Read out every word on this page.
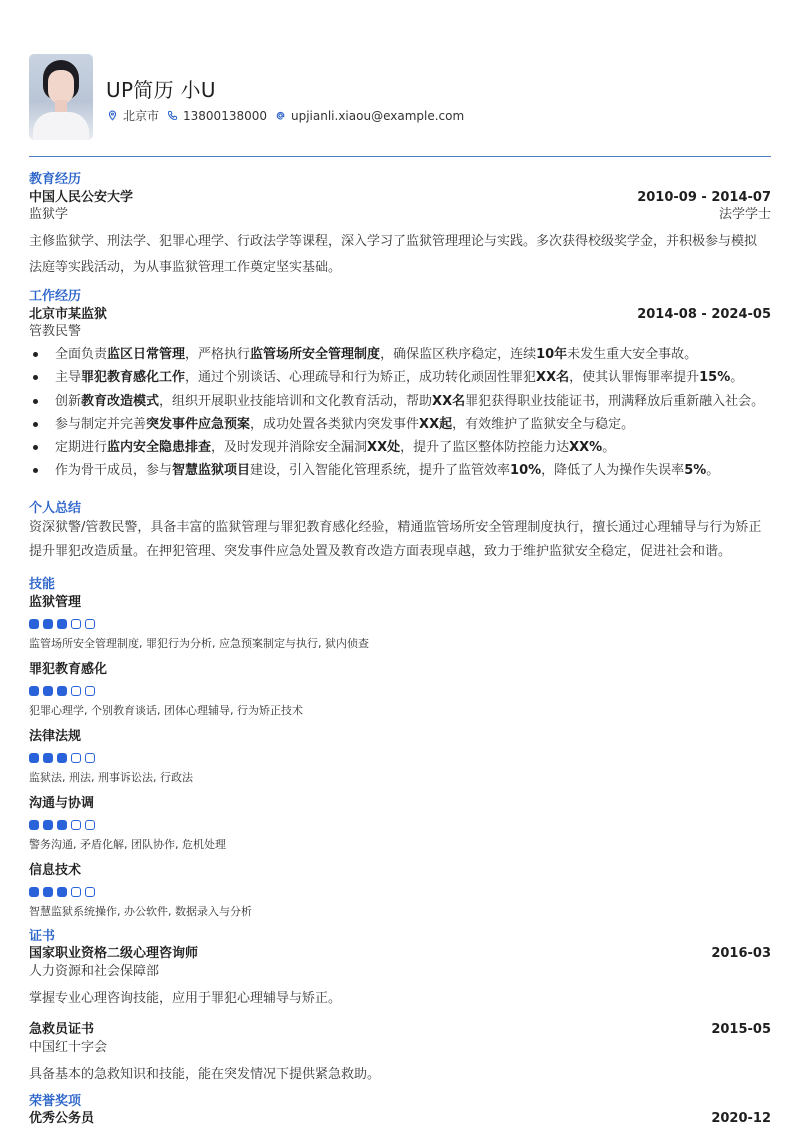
UP简历 小U
北京市 13800138000 upjianli.xiaou@example.com
教育经历
中国人民公安大学	2010-09 - 2014-07
监狱学	法学学士
主修监狱学、刑法学、犯罪心理学、行政法学等课程，深入学习了监狱管理理论与实践。多次获得校级奖学金，并积极参与模拟
法庭等实践活动，为从事监狱管理工作奠定坚实基础。
工作经历
北京市某监狱	2014-08 - 2024-05
管教民警
全面负责监区日常管理，严格执行监管场所安全管理制度，确保监区秩序稳定，连续10年未发生重大安全事故。
主导罪犯教育感化工作，通过个别谈话、心理疏导和行为矫正，成功转化顽固性罪犯XX名，使其认罪悔罪率提升15%。
创新教育改造模式，组织开展职业技能培训和文化教育活动，帮助XX名罪犯获得职业技能证书，刑满释放后重新融入社会。
参与制定并完善突发事件应急预案，成功处置各类狱内突发事件XX起，有效维护了监狱安全与稳定。
定期进行监内安全隐患排查，及时发现并消除安全漏洞XX处，提升了监区整体防控能力达XX%。
作为骨干成员，参与智慧监狱项目建设，引入智能化管理系统，提升了监管效率10%，降低了人为操作失误率5%。
个人总结
资深狱警/管教民警，具备丰富的监狱管理与罪犯教育感化经验，精通监管场所安全管理制度执行，擅长通过心理辅导与行为矫正
提升罪犯改造质量。在押犯管理、突发事件应急处置及教育改造方面表现卓越，致力于维护监狱安全稳定，促进社会和谐。
技能
监狱管理
监管场所安全管理制度, 罪犯行为分析, 应急预案制定与执行, 狱内侦查
罪犯教育感化
犯罪心理学, 个别教育谈话, 团体心理辅导, 行为矫正技术
法律法规
监狱法, 刑法, 刑事诉讼法, 行政法
沟通与协调
警务沟通, 矛盾化解, 团队协作, 危机处理
信息技术
智慧监狱系统操作, 办公软件, 数据录入与分析
证书
国家职业资格二级心理咨询师	2016-03
人力资源和社会保障部
掌握专业心理咨询技能，应用于罪犯心理辅导与矫正。
急救员证书	2015-05
中国红十字会
具备基本的急救知识和技能，能在突发情况下提供紧急救助。
荣誉奖项
优秀公务员	2020-12
